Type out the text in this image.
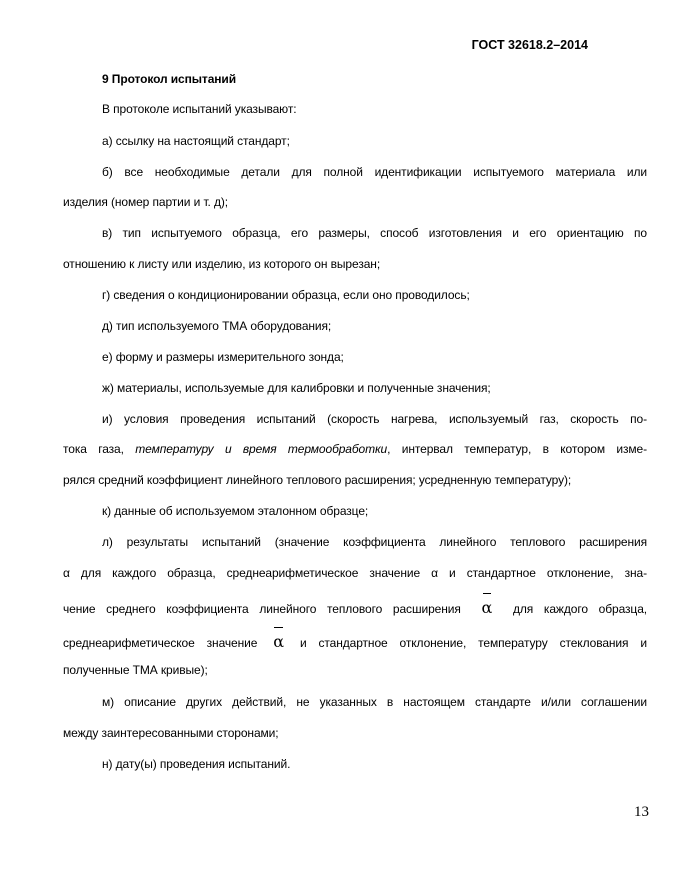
ГОСТ 32618.2–2014
9 Протокол испытаний
В протоколе испытаний указывают:
а) ссылку на настоящий стандарт;
б) все необходимые детали для полной идентификации испытуемого материала или
изделия (номер партии и т. д);
в) тип испытуемого образца, его размеры, способ изготовления и его ориентацию по
отношению к листу или изделию, из которого он вырезан;
г) сведения о кондиционировании образца, если оно проводилось;
д) тип используемого ТМА оборудования;
е) форму и размеры измерительного зонда;
ж) материалы, используемые для калибровки и полученные значения;
и) условия проведения испытаний (скорость нагрева, используемый газ, скорость по-
тока газа, температуру и время термообработки, интервал температур, в котором изме-
рялся средний коэффициент линейного теплового расширения; усредненную температуру);
к) данные об используемом эталонном образце;
л) результаты испытаний (значение коэффициента линейного теплового расширения
α для каждого образца, среднеарифметическое значение α и стандартное отклонение, зна-
чение среднего коэффициента линейного теплового расширения α для каждого образца,
среднеарифметическое значение α и стандартное отклонение, температуру стеклования и
полученные ТМА кривые);
м) описание других действий, не указанных в настоящем стандарте и/или соглашении
между заинтересованными сторонами;
н) дату(ы) проведения испытаний.
13
